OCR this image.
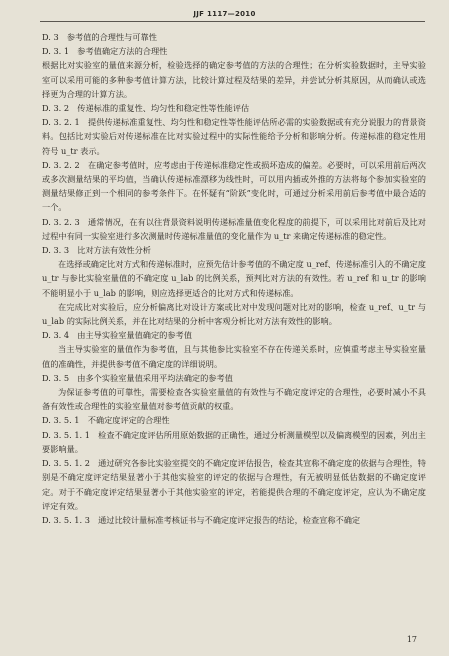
JJF 1117—2010

D. 3　参考值的合理性与可靠性

D. 3. 1　参考值确定方法的合理性

根据比对实验室的量值来源分析，检验选择的确定参考值的方法的合理性；在分析实验数据时，主导实验室可以采用可能的多种参考值计算方法，比较计算过程及结果的差异，并尝试分析其原因，从而确认或选择更为合理的计算方法。

D. 3. 2　传递标准的重复性、均匀性和稳定性等性能评估

D. 3. 2. 1　提供传递标准重复性、均匀性和稳定性等性能评估所必需的实验数据或有充分说服力的背景资料。包括比对实验后对传递标准在比对实验过程中的实际性能给予分析和影响分析。传递标准的稳定性用符号 u_tr 表示。

D. 3. 2. 2　在确定参考值时，应考虑由于传递标准稳定性或损坏造成的偏差。必要时，可以采用前后两次或多次测量结果的平均值，当确认传递标准漂移为线性时，可以用内插或外推的方法将每个参加实验室的测量结果修正到一个相同的参考条件下。在怀疑有“阶跃”变化时，可通过分析采用前后参考值中最合适的一个。

D. 3. 2. 3　通常情况，在有以往背景资料说明传递标准量值变化程度的前提下，可以采用比对前后及比对过程中有同一实验室进行多次测量时传递标准量值的变化量作为 u_tr 来确定传递标准的稳定性。

D. 3. 3　比对方法有效性分析

在选择或确定比对方式和传递标准时，应预先估计参考值的不确定度 u_ref、传递标准引入的不确定度 u_tr 与参比实验室量值的不确定度 u_lab 的比例关系，预判比对方法的有效性。若 u_ref 和 u_tr 的影响不能明显小于 u_lab 的影响，则应选择更适合的比对方式和传递标准。

在完成比对实验后，应分析偏离比对设计方案或比对中发现问题对比对的影响，检查 u_ref、u_tr 与 u_lab 的实际比例关系，并在比对结果的分析中客观分析比对方法有效性的影响。

D. 3. 4　由主导实验室量值确定的参考值

当主导实验室的量值作为参考值，且与其他参比实验室不存在传递关系时，应慎重考虑主导实验室量值的准确性，并提供参考值不确定度的详细说明。

D. 3. 5　由多个实验室量值采用平均法确定的参考值

为保证参考值的可靠性，需要检查各实验室量值的有效性与不确定度评定的合理性，必要时减小不具备有效性或合理性的实验室量值对参考值贡献的权重。

D. 3. 5. 1　不确定度评定的合理性

D. 3. 5. 1. 1　检查不确定度评估所用原始数据的正确性，通过分析测量模型以及偏离模型的因素，列出主要影响量。

D. 3. 5. 1. 2　通过研究各参比实验室提交的不确定度评估报告，检查其宣称不确定度的依据与合理性，特别是不确定度评定结果显著小于其他实验室的评定的依据与合理性，有无被明显低估数据的不确定度评定。对于不确定度评定结果显著小于其他实验室的评定，若能提供合理的不确定度评定，应认为不确定度评定有效。

D. 3. 5. 1. 3　通过比较计量标准考核证书与不确定度评定报告的结论，检查宣称不确定

17
